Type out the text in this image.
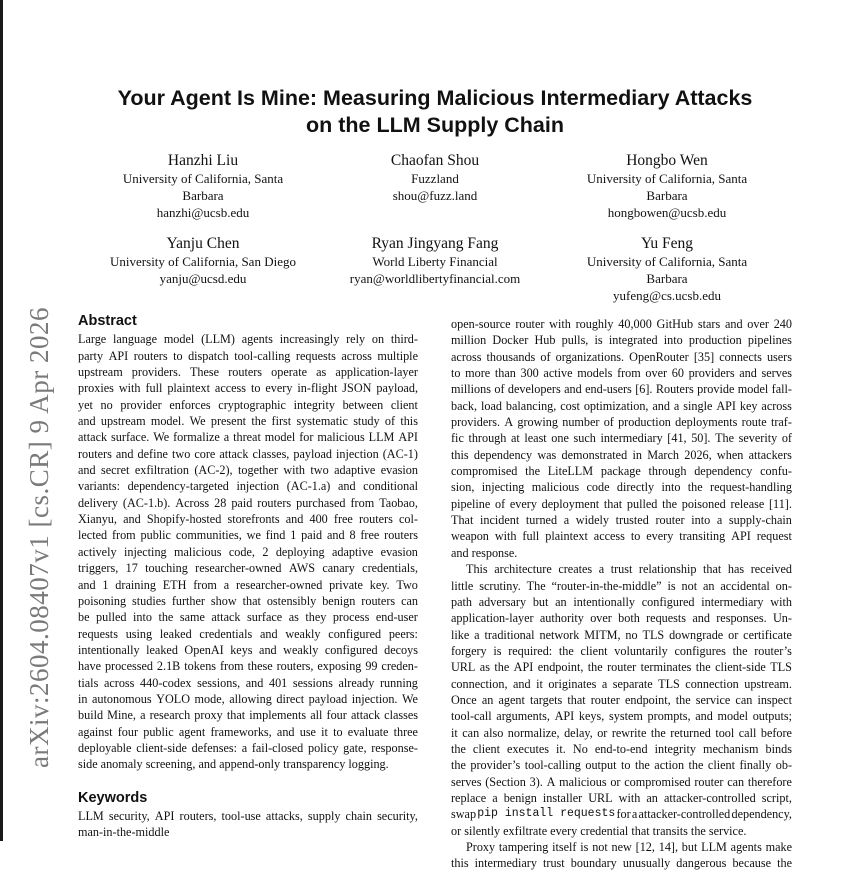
arXiv:2604.08407v1 [cs.CR] 9 Apr 2026
Your Agent Is Mine: Measuring Malicious Intermediary Attacks
on the LLM Supply Chain
Hanzhi Liu
University of California, Santa
Barbara
hanzhi@ucsb.edu
Chaofan Shou
Fuzzland
shou@fuzz.land
Hongbo Wen
University of California, Santa
Barbara
hongbowen@ucsb.edu
Yanju Chen
University of California, San Diego
yanju@ucsd.edu
Ryan Jingyang Fang
World Liberty Financial
ryan@worldlibertyfinancial.com
Yu Feng
University of California, Santa
Barbara
yufeng@cs.ucsb.edu
Abstract
Large language model (LLM) agents increasingly rely on third-
party API routers to dispatch tool-calling requests across multiple
upstream providers. These routers operate as application-layer
proxies with full plaintext access to every in-flight JSON payload,
yet no provider enforces cryptographic integrity between client
and upstream model. We present the first systematic study of this
attack surface. We formalize a threat model for malicious LLM API
routers and define two core attack classes, payload injection (AC-1)
and secret exfiltration (AC-2), together with two adaptive evasion
variants: dependency-targeted injection (AC-1.a) and conditional
delivery (AC-1.b). Across 28 paid routers purchased from Taobao,
Xianyu, and Shopify-hosted storefronts and 400 free routers col-
lected from public communities, we find 1 paid and 8 free routers
actively injecting malicious code, 2 deploying adaptive evasion
triggers, 17 touching researcher-owned AWS canary credentials,
and 1 draining ETH from a researcher-owned private key. Two
poisoning studies further show that ostensibly benign routers can
be pulled into the same attack surface as they process end-user
requests using leaked credentials and weakly configured peers:
intentionally leaked OpenAI keys and weakly configured decoys
have processed 2.1B tokens from these routers, exposing 99 creden-
tials across 440-codex sessions, and 401 sessions already running
in autonomous YOLO mode, allowing direct payload injection. We
build Mine, a research proxy that implements all four attack classes
against four public agent frameworks, and use it to evaluate three
deployable client-side defenses: a fail-closed policy gate, response-
side anomaly screening, and append-only transparency logging.
Keywords
LLM security, API routers, tool-use attacks, supply chain security,
man-in-the-middle
open-source router with roughly 40,000 GitHub stars and over 240
million Docker Hub pulls, is integrated into production pipelines
across thousands of organizations. OpenRouter [35] connects users
to more than 300 active models from over 60 providers and serves
millions of developers and end-users [6]. Routers provide model fall-
back, load balancing, cost optimization, and a single API key across
providers. A growing number of production deployments route traf-
fic through at least one such intermediary [41, 50]. The severity of
this dependency was demonstrated in March 2026, when attackers
compromised the LiteLLM package through dependency confu-
sion, injecting malicious code directly into the request-handling
pipeline of every deployment that pulled the poisoned release [11].
That incident turned a widely trusted router into a supply-chain
weapon with full plaintext access to every transiting API request
and response.
This architecture creates a trust relationship that has received
little scrutiny. The “router-in-the-middle” is not an accidental on-
path adversary but an intentionally configured intermediary with
application-layer authority over both requests and responses. Un-
like a traditional network MITM, no TLS downgrade or certificate
forgery is required: the client voluntarily configures the router’s
URL as the API endpoint, the router terminates the client-side TLS
connection, and it originates a separate TLS connection upstream.
Once an agent targets that router endpoint, the service can inspect
tool-call arguments, API keys, system prompts, and model outputs;
it can also normalize, delay, or rewrite the returned tool call before
the client executes it. No end-to-end integrity mechanism binds
the provider’s tool-calling output to the action the client finally ob-
serves (Section 3). A malicious or compromised router can therefore
replace a benign installer URL with an attacker-controlled script,
swap pip install requests for a attacker-controlled dependency,
or silently exfiltrate every credential that transits the service.
Proxy tampering itself is not new [12, 14], but LLM agents make
this intermediary trust boundary unusually dangerous because the
